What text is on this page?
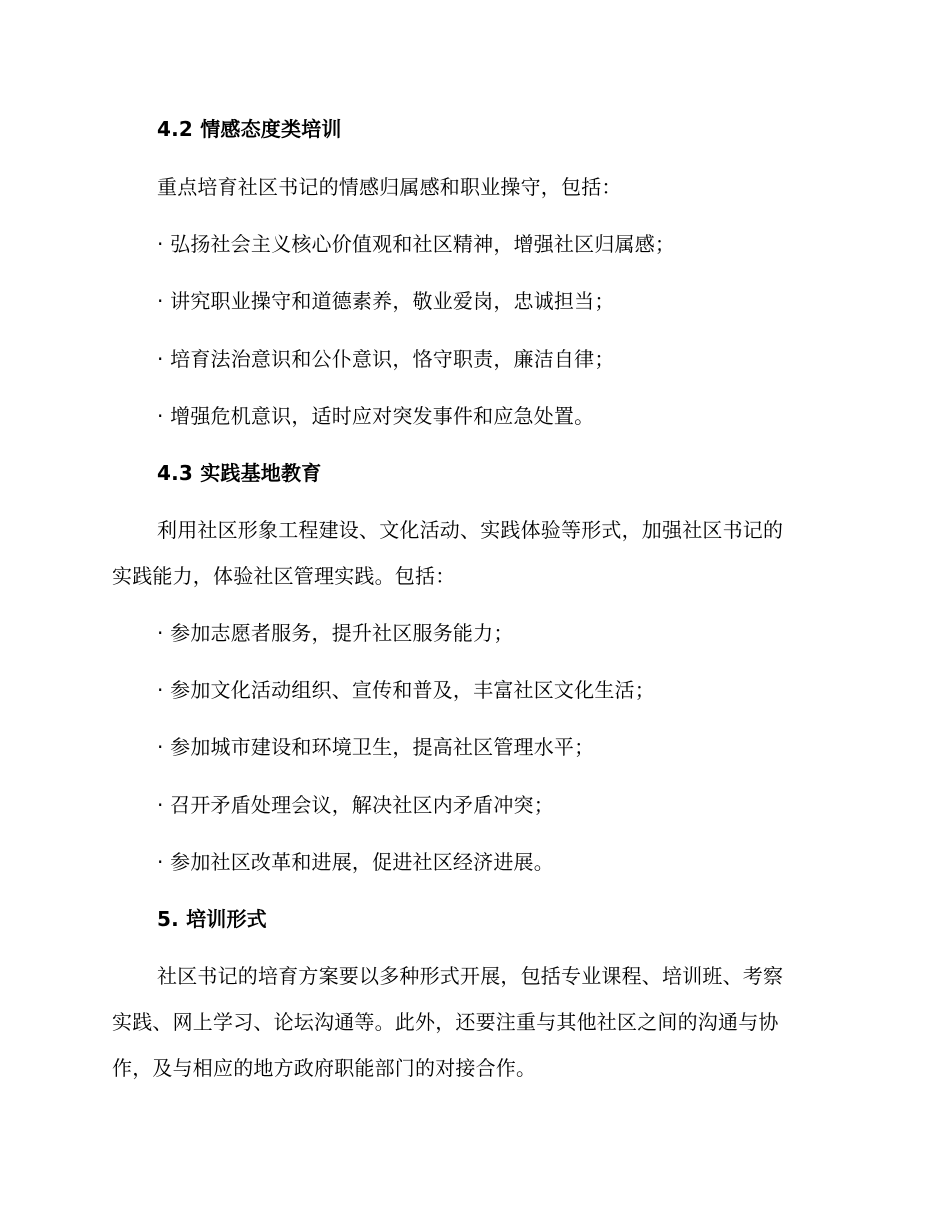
4.2 情感态度类培训
重点培育社区书记的情感归属感和职业操守，包括：
· 弘扬社会主义核心价值观和社区精神，增强社区归属感；
· 讲究职业操守和道德素养，敬业爱岗，忠诚担当；
· 培育法治意识和公仆意识，恪守职责，廉洁自律；
· 增强危机意识，适时应对突发事件和应急处置。
4.3 实践基地教育
利用社区形象工程建设、文化活动、实践体验等形式，加强社区书记的
实践能力，体验社区管理实践。包括：
· 参加志愿者服务，提升社区服务能力；
· 参加文化活动组织、宣传和普及，丰富社区文化生活；
· 参加城市建设和环境卫生，提高社区管理水平；
· 召开矛盾处理会议，解决社区内矛盾冲突；
· 参加社区改革和进展，促进社区经济进展。
5. 培训形式
社区书记的培育方案要以多种形式开展，包括专业课程、培训班、考察
实践、网上学习、论坛沟通等。此外，还要注重与其他社区之间的沟通与协
作，及与相应的地方政府职能部门的对接合作。
